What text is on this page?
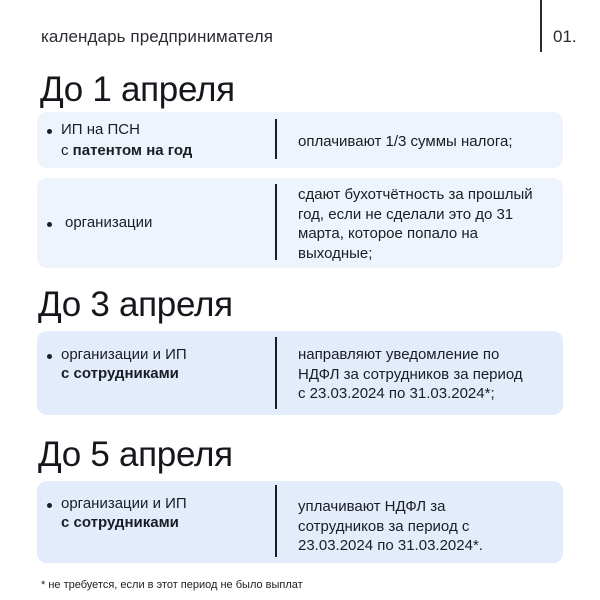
календарь предпринимателя	01.
До 1 апреля
ИП на ПСН
с патентом на год
оплачивают 1/3 суммы налога;
организации
сдают бухотчётность за прошлый
год, если не сделали это до 31
марта, которое попало на
выходные;
До 3 апреля
организации и ИП
с сотрудниками
направляют уведомление по
НДФЛ за сотрудников за период
с 23.03.2024 по 31.03.2024*;
До 5 апреля
организации и ИП
с сотрудниками
уплачивают НДФЛ за
сотрудников за период с
23.03.2024 по 31.03.2024*.
* не требуется, если в этот период не было выплат
